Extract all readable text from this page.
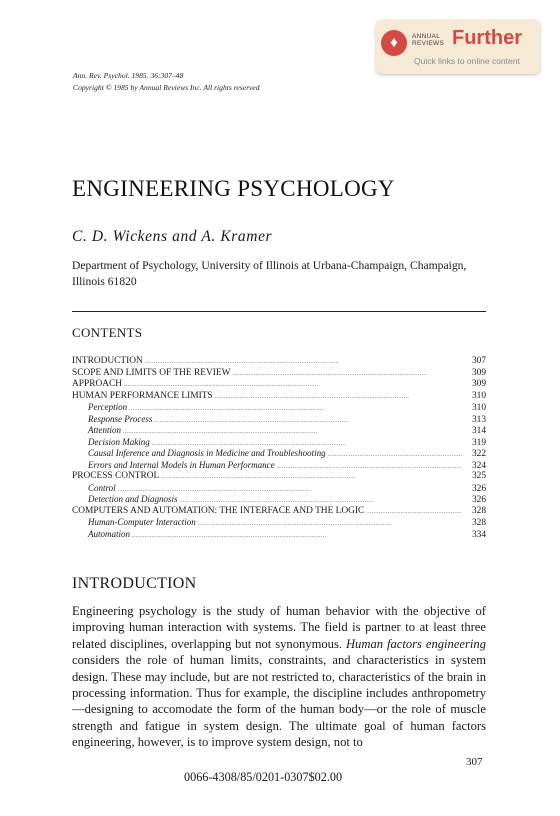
♦	ANNUAL
REVIEWS Further
Quick links to online content
Ann. Rev. Psychol. 1985. 36:307–48
Copyright © 1985 by Annual Reviews Inc. All rights reserved
ENGINEERING PSYCHOLOGY
C. D. Wickens and A. Kramer
Department of Psychology, University of Illinois at Urbana-Champaign, Champaign, Illinois 61820
CONTENTS
INTRODUCTION . . .	307
SCOPE AND LIMITS OF THE REVIEW . . .	309
APPROACH . . .	309
HUMAN PERFORMANCE LIMITS . . .	310
Perception . . .	310
Response Process . . .	313
Attention . . .	314
Decision Making . . .	319
Causal Inference and Diagnosis in Medicine and Troubleshooting . . .	322
Errors and Internal Models in Human Performance . . .	324
PROCESS CONTROL . . .	325
Control . . .	326
Detection and Diagnosis . . .	326
COMPUTERS AND AUTOMATION: THE INTERFACE AND THE LOGIC . . .	328
Human-Computer Interaction . . .	328
Automation . . .	334
INTRODUCTION
Engineering psychology is the study of human behavior with the objective of improving human interaction with systems. The field is partner to at least three related disciplines, overlapping but not synonymous. Human factors engineering considers the role of human limits, constraints, and characteristics in system design. These may include, but are not restricted to, characteristics of the brain in processing information. Thus for example, the discipline includes anthropometry—designing to accomodate the form of the human body—or the role of muscle strength and fatigue in system design. The ultimate goal of human factors engineering, however, is to improve system design, not to
307
0066-4308/85/0201-0307$02.00
